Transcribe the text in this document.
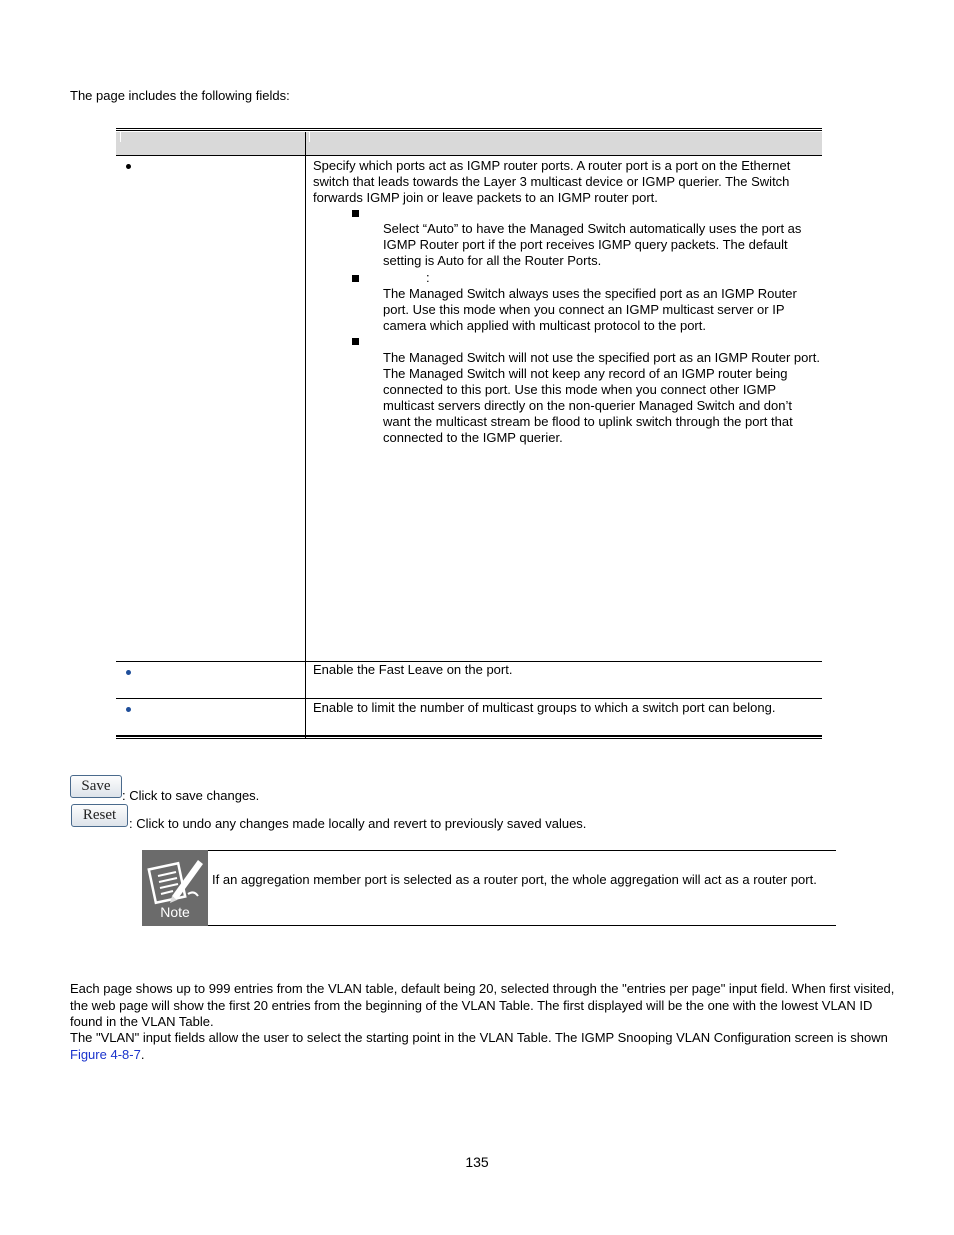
The page includes the following fields:
Specify which ports act as IGMP router ports. A router port is a port on the Ethernet switch that leads towards the Layer 3 multicast device or IGMP querier. The Switch forwards IGMP join or leave packets to an IGMP router port.
Select “Auto” to have the Managed Switch automatically uses the port as IGMP Router port if the port receives IGMP query packets. The default setting is Auto for all the Router Ports.
:
The Managed Switch always uses the specified port as an IGMP Router port. Use this mode when you connect an IGMP multicast server or IP camera which applied with multicast protocol to the port.
The Managed Switch will not use the specified port as an IGMP Router port. The Managed Switch will not keep any record of an IGMP router being connected to this port. Use this mode when you connect other IGMP multicast servers directly on the non-querier Managed Switch and don’t want the multicast stream be flood to uplink switch through the port that connected to the IGMP querier.
Enable the Fast Leave on the port.
Enable to limit the number of multicast groups to which a switch port can belong.
Save
: Click to save changes.
Reset
: Click to undo any changes made locally and revert to previously saved values.
Note
If an aggregation member port is selected as a router port, the whole aggregation will act as a router port.
Each page shows up to 999 entries from the VLAN table, default being 20, selected through the "entries per page" input field. When first visited, the web page will show the first 20 entries from the beginning of the VLAN Table. The first displayed will be the one with the lowest VLAN ID found in the VLAN Table.
The "VLAN" input fields allow the user to select the starting point in the VLAN Table. The IGMP Snooping VLAN Configuration screen is shown Figure 4-8-7.
135
